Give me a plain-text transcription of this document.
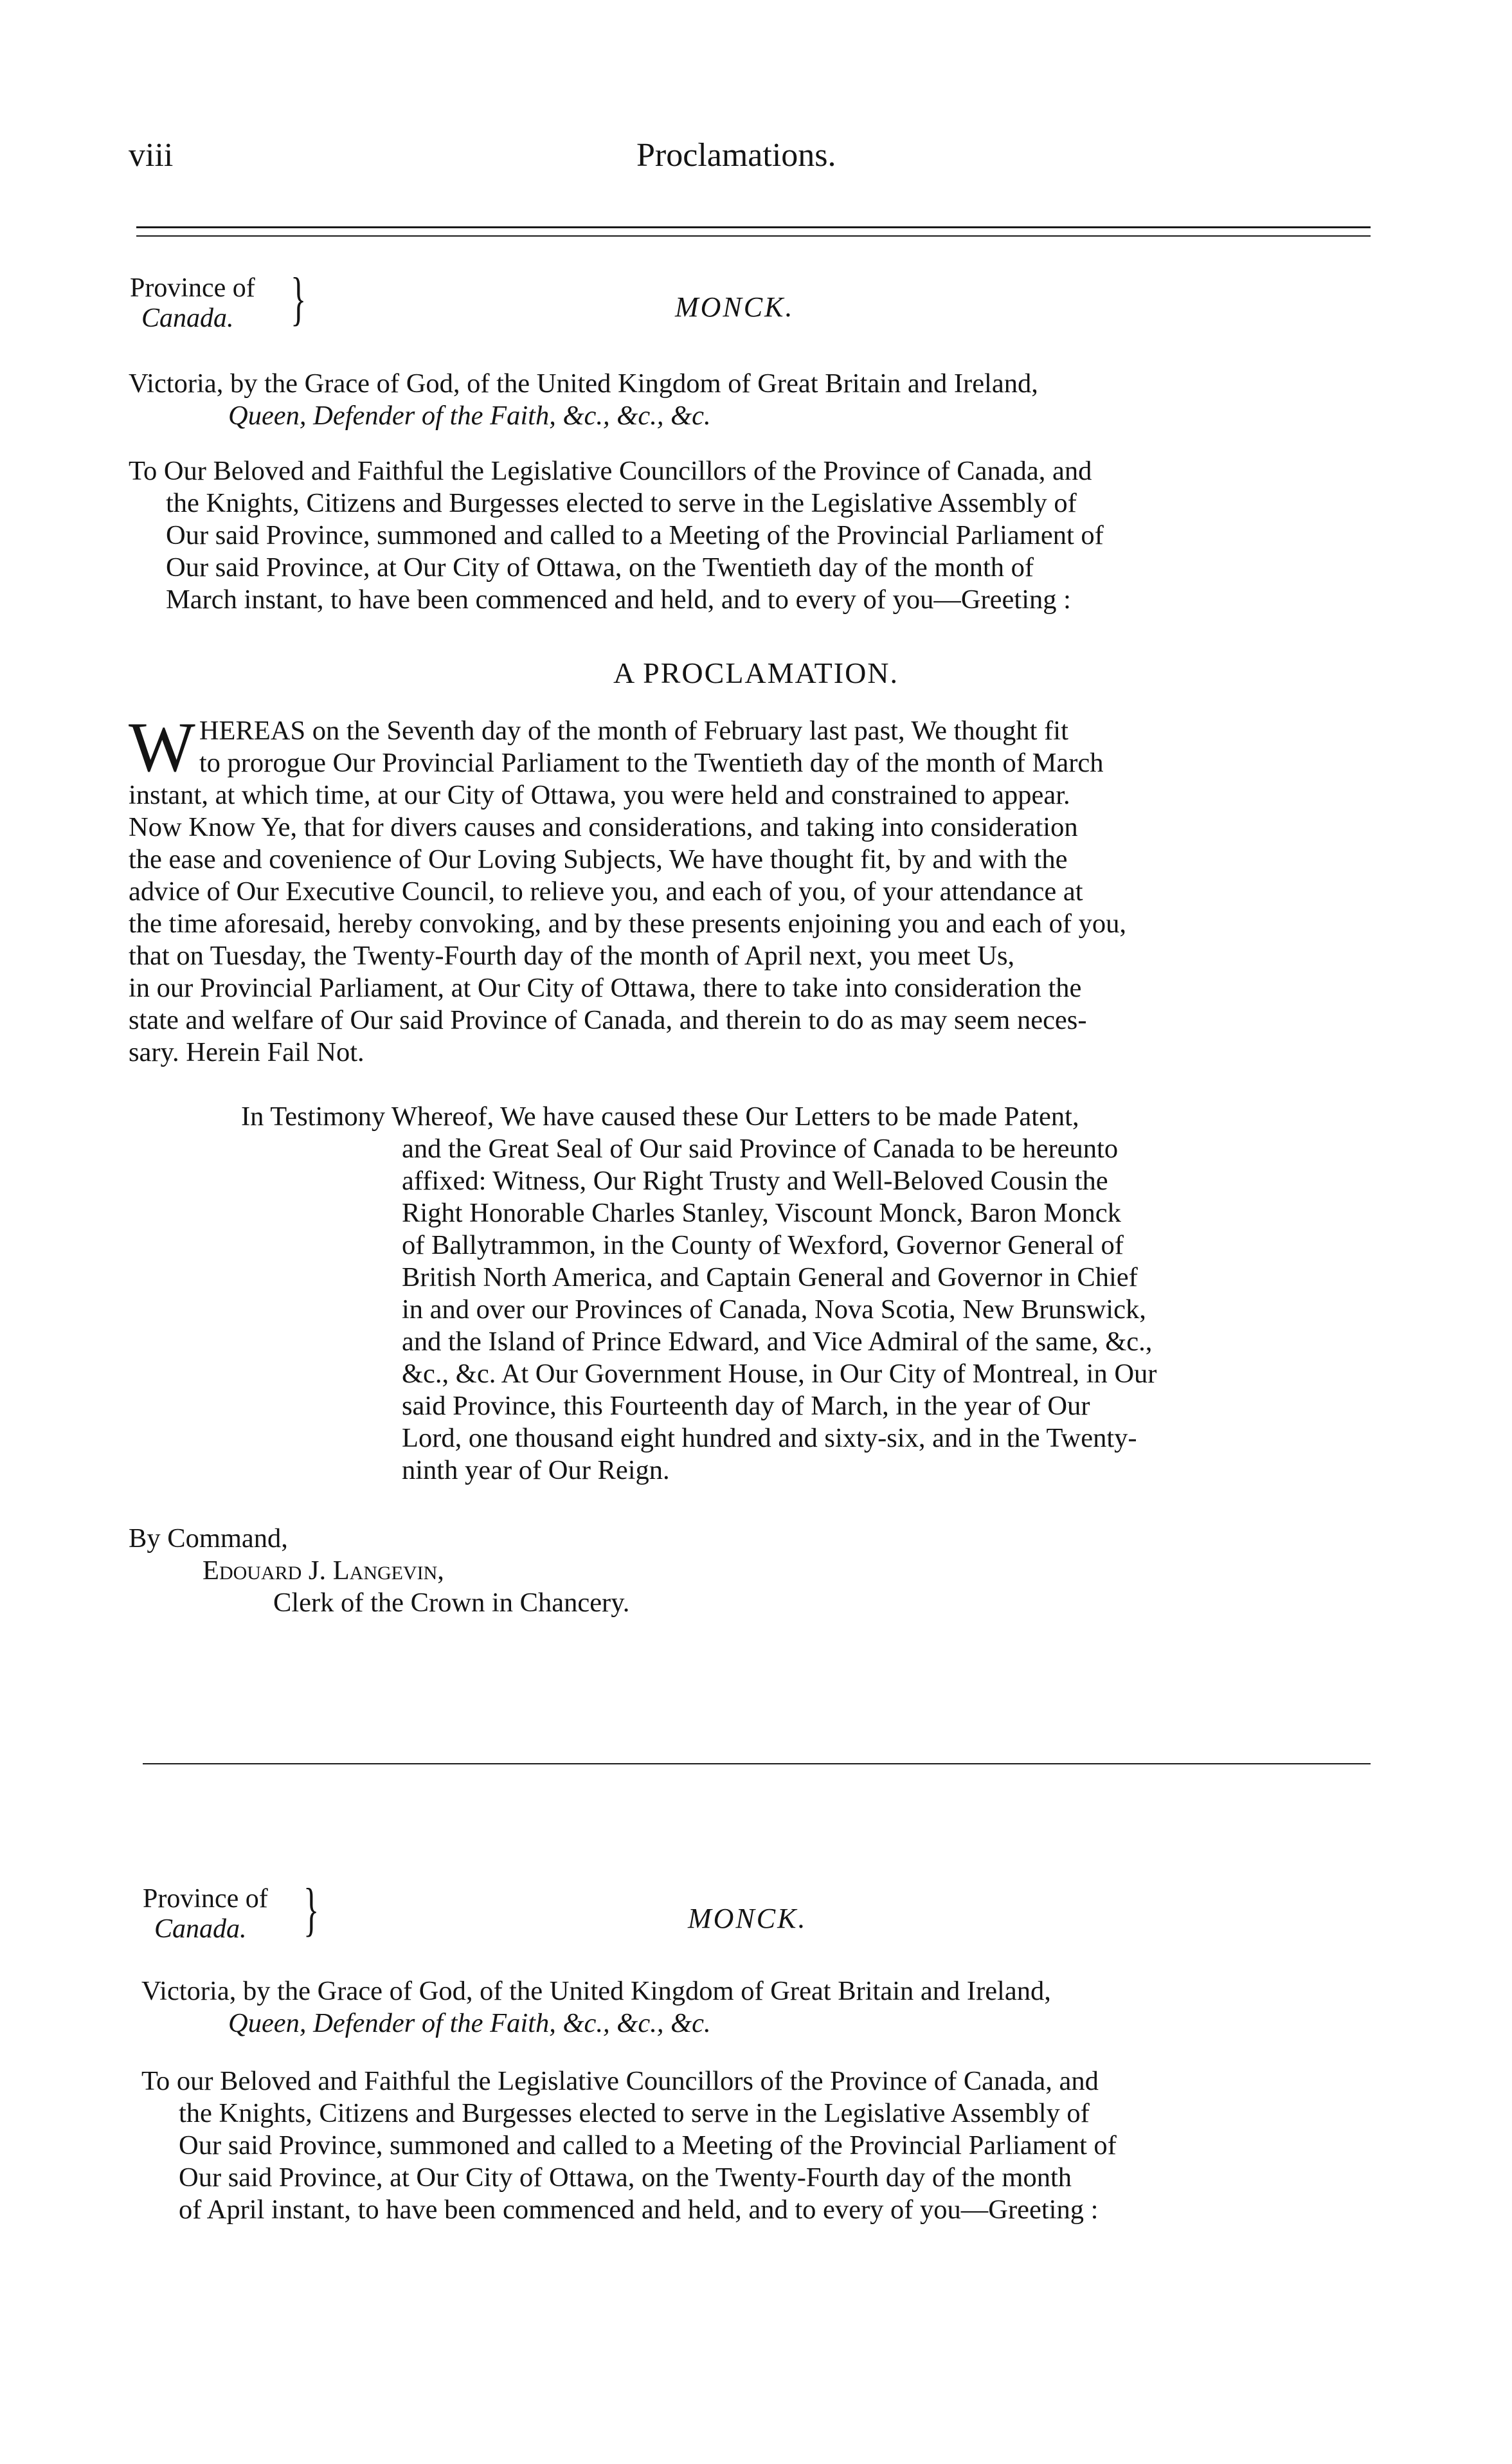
viii	Proclamations.
Province of
Canada. }	MONCK.

Victoria, by the Grace of God, of the United Kingdom of Great Britain and Ireland,

Queen, Defender of the Faith, &c., &c., &c.

To Our Beloved and Faithful the Legislative Councillors of the Province of Canada, and

the Knights, Citizens and Burgesses elected to serve in the Legislative Assembly of

Our said Province, summoned and called to a Meeting of the Provincial Parliament of

Our said Province, at Our City of Ottawa, on the Twentieth day of the month of

March instant, to have been commenced and held, and to every of you—Greeting :

A PROCLAMATION.
W HEREAS on the Seventh day of the month of February last past, We thought fit

to prorogue Our Provincial Parliament to the Twentieth day of the month of March

instant, at which time, at our City of Ottawa, you were held and constrained to appear.

Now Know Ye, that for divers causes and considerations, and taking into consideration

the ease and covenience of Our Loving Subjects, We have thought fit, by and with the

advice of Our Executive Council, to relieve you, and each of you, of your attendance at

the time aforesaid, hereby convoking, and by these presents enjoining you and each of you,

that on Tuesday, the Twenty-Fourth day of the month of April next, you meet Us,

in our Provincial Parliament, at Our City of Ottawa, there to take into consideration the

state and welfare of Our said Province of Canada, and therein to do as may seem neces-

sary. Herein Fail Not.

In Testimony Whereof, We have caused these Our Letters to be made Patent,

and the Great Seal of Our said Province of Canada to be hereunto

affixed: Witness, Our Right Trusty and Well-Beloved Cousin the

Right Honorable Charles Stanley, Viscount Monck, Baron Monck

of Ballytrammon, in the County of Wexford, Governor General of

British North America, and Captain General and Governor in Chief

in and over our Provinces of Canada, Nova Scotia, New Brunswick,

and the Island of Prince Edward, and Vice Admiral of the same, &c.,

&c., &c. At Our Government House, in Our City of Montreal, in Our

said Province, this Fourteenth day of March, in the year of Our

Lord, one thousand eight hundred and sixty-six, and in the Twenty-

ninth year of Our Reign.

By Command,
Edouard J. Langevin,
Clerk of the Crown in Chancery.
Province of
Canada. }	MONCK.

Victoria, by the Grace of God, of the United Kingdom of Great Britain and Ireland,

Queen, Defender of the Faith, &c., &c., &c.

To our Beloved and Faithful the Legislative Councillors of the Province of Canada, and

the Knights, Citizens and Burgesses elected to serve in the Legislative Assembly of

Our said Province, summoned and called to a Meeting of the Provincial Parliament of

Our said Province, at Our City of Ottawa, on the Twenty-Fourth day of the month

of April instant, to have been commenced and held, and to every of you—Greeting :
